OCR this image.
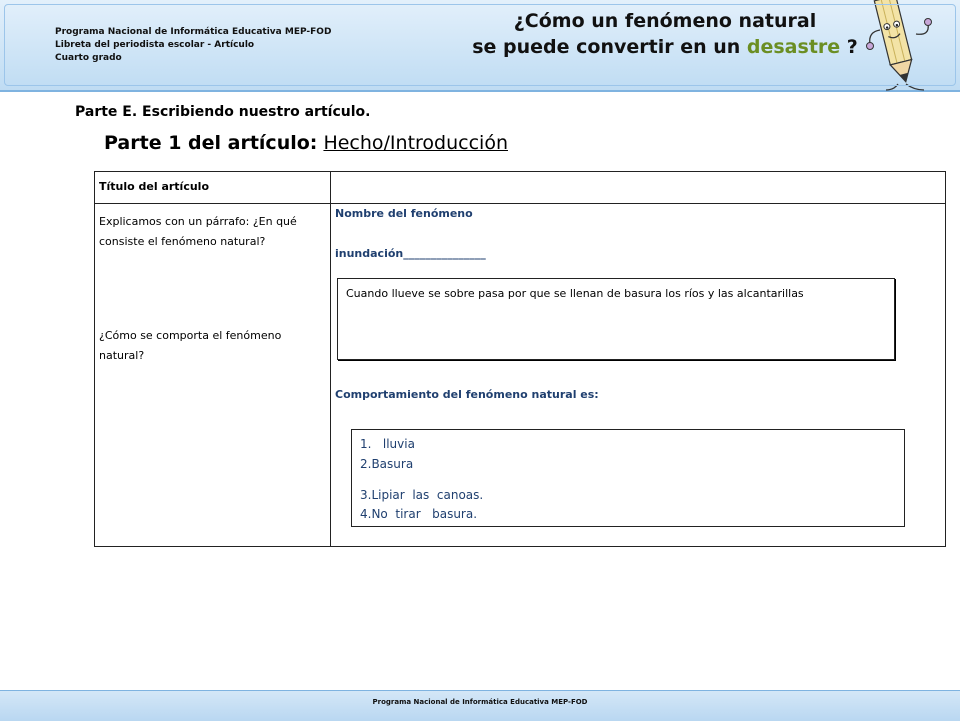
Programa Nacional de Informática Educativa MEP-FOD
Libreta del periodista escolar - Artículo
Cuarto grado
¿Cómo un fenómeno natural
se puede convertir en un desastre ?
Parte E. Escribiendo nuestro artículo.
Parte 1 del artículo: Hecho/Introducción
Título del artículo
Explicamos con un párrafo: ¿En qué consiste el fenómeno natural?
¿Cómo se comporta el fenómeno natural?
Nombre del fenómeno
inundación_______________
Cuando llueve se sobre pasa por que se llenan de basura los ríos y las alcantarillas
Comportamiento del fenómeno natural es:
1.   lluvia
2.Basura
3.Lipiar  las  canoas.
4.No  tirar   basura.
Programa Nacional de Informática Educativa MEP-FOD
